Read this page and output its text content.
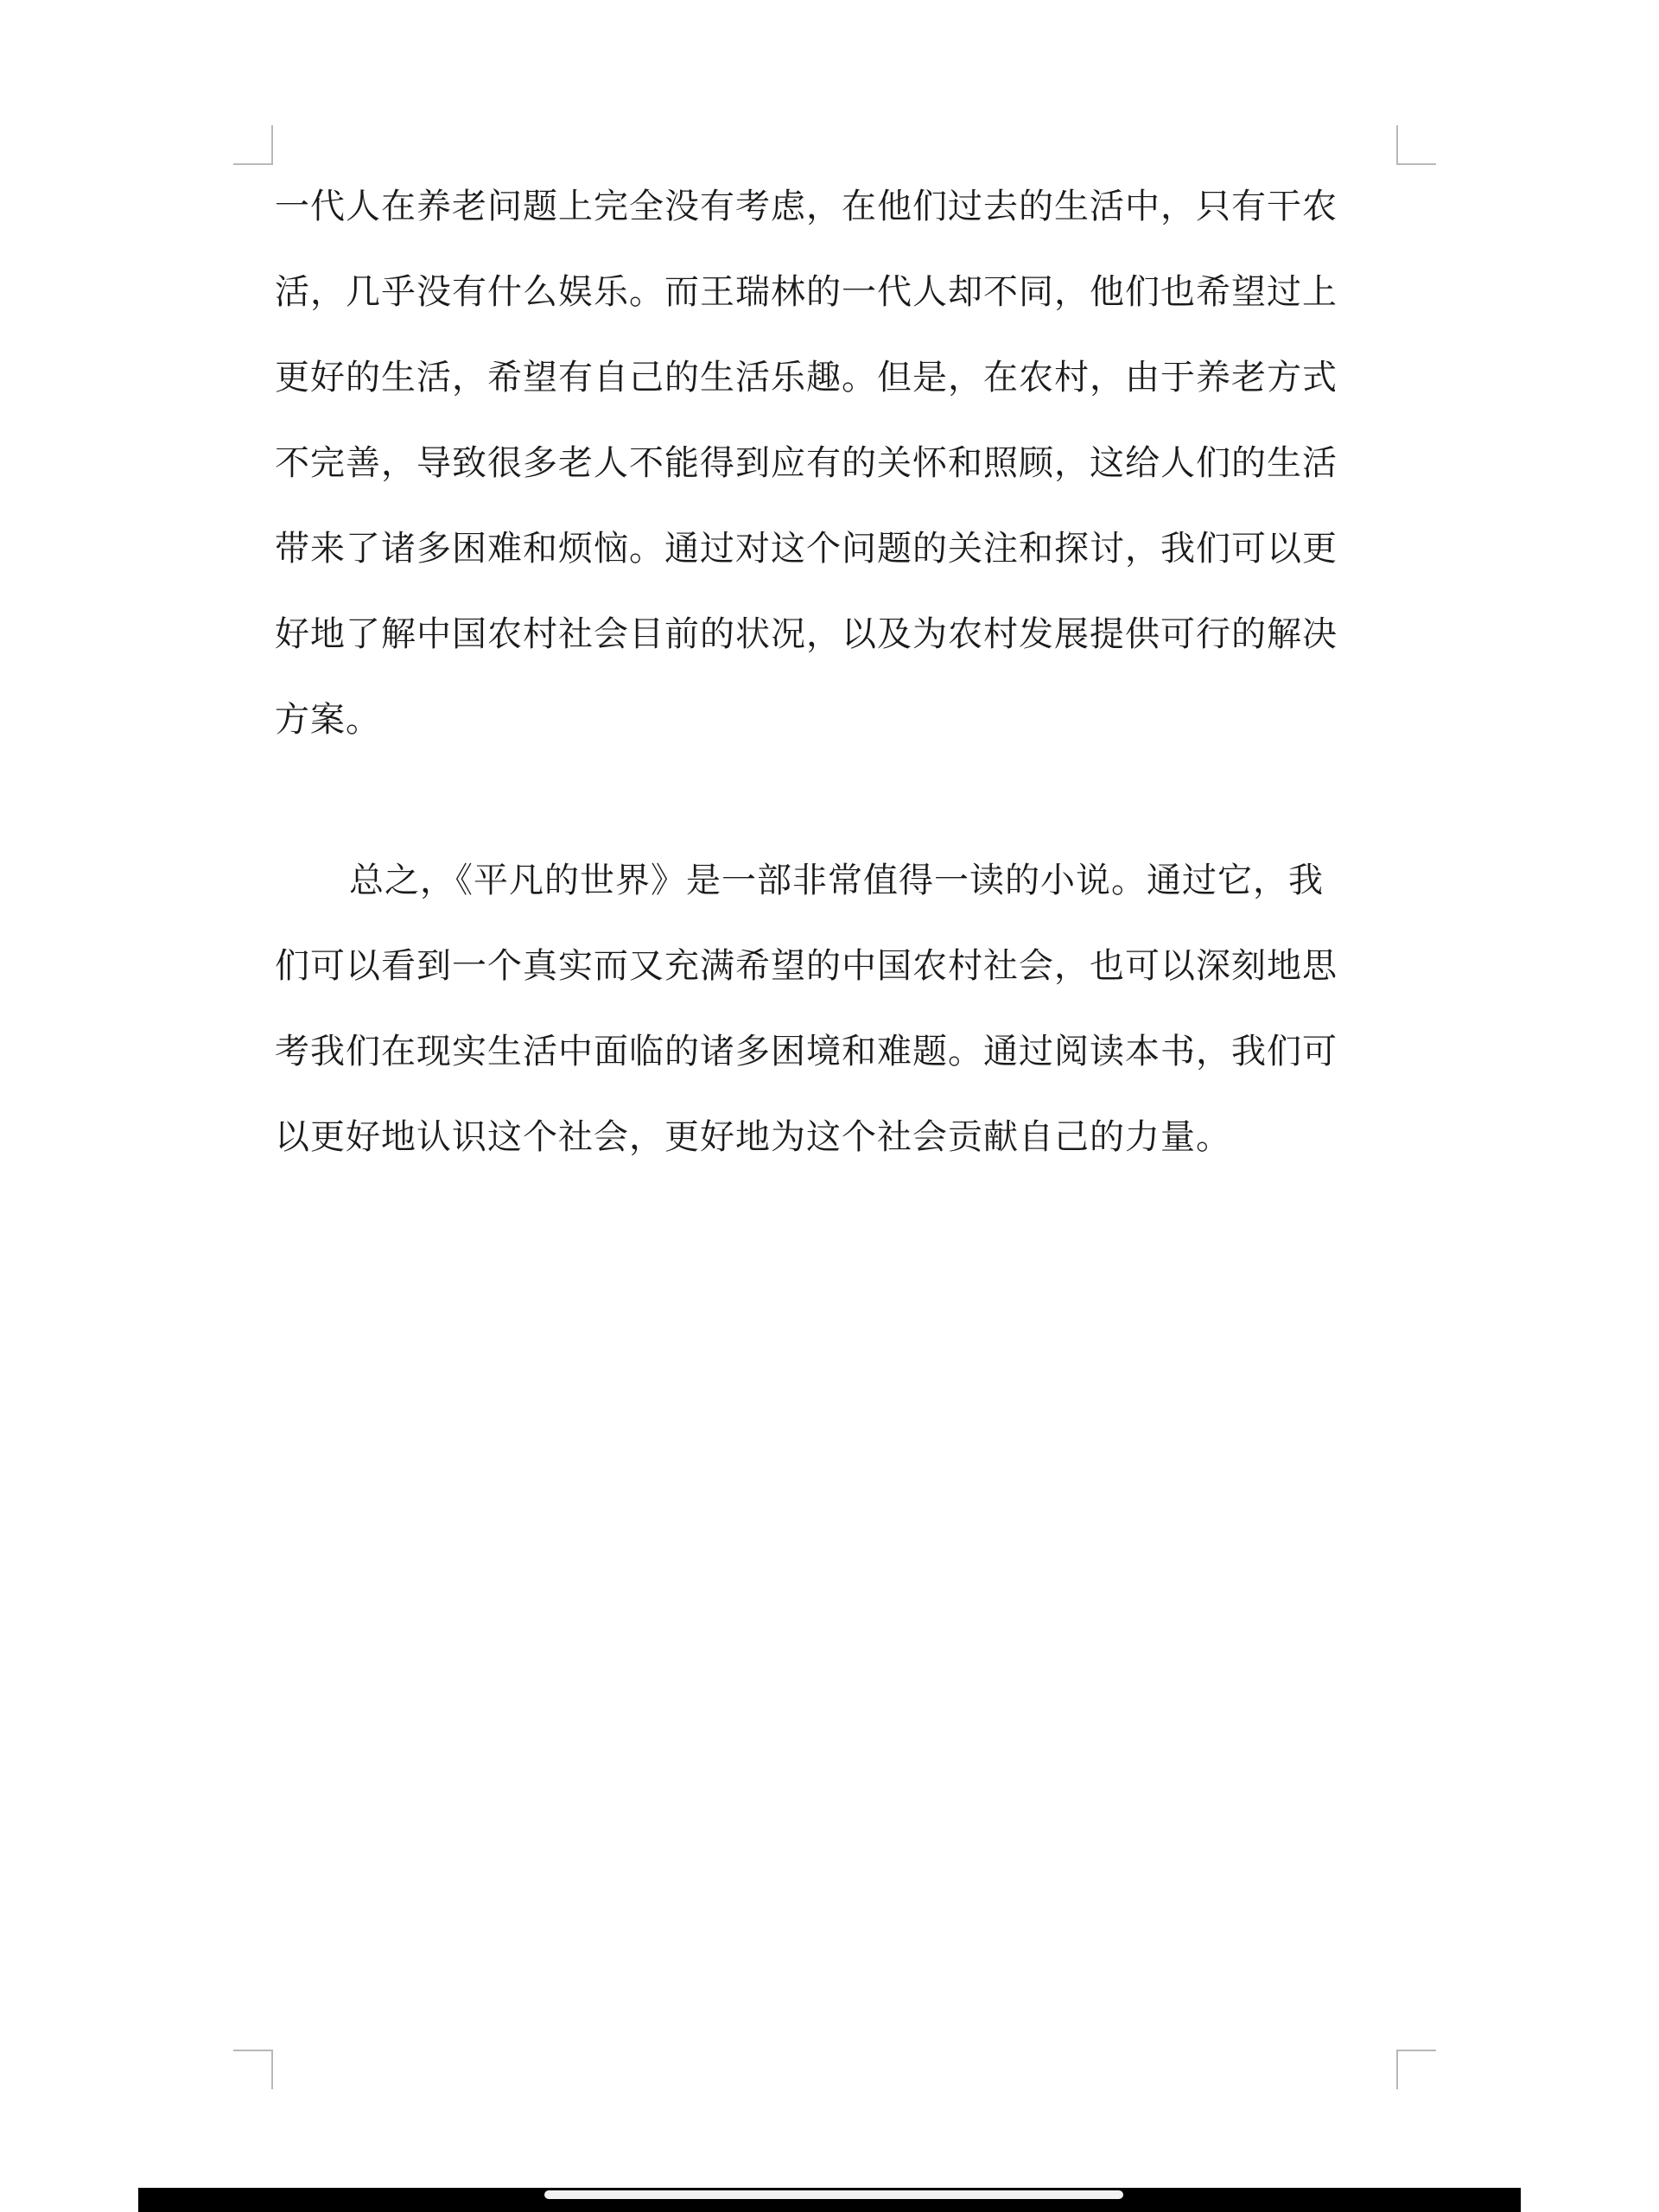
一代人在养老问题上完全没有考虑，在他们过去的生活中，只有干农
活，几乎没有什么娱乐。而王瑞林的一代人却不同，他们也希望过上
更好的生活，希望有自己的生活乐趣。但是，在农村，由于养老方式
不完善，导致很多老人不能得到应有的关怀和照顾，这给人们的生活
带来了诸多困难和烦恼。通过对这个问题的关注和探讨，我们可以更
好地了解中国农村社会目前的状况，以及为农村发展提供可行的解决
方案。
总之，《平凡的世界》是一部非常值得一读的小说。通过它，我
们可以看到一个真实而又充满希望的中国农村社会，也可以深刻地思
考我们在现实生活中面临的诸多困境和难题。通过阅读本书，我们可
以更好地认识这个社会，更好地为这个社会贡献自己的力量。
